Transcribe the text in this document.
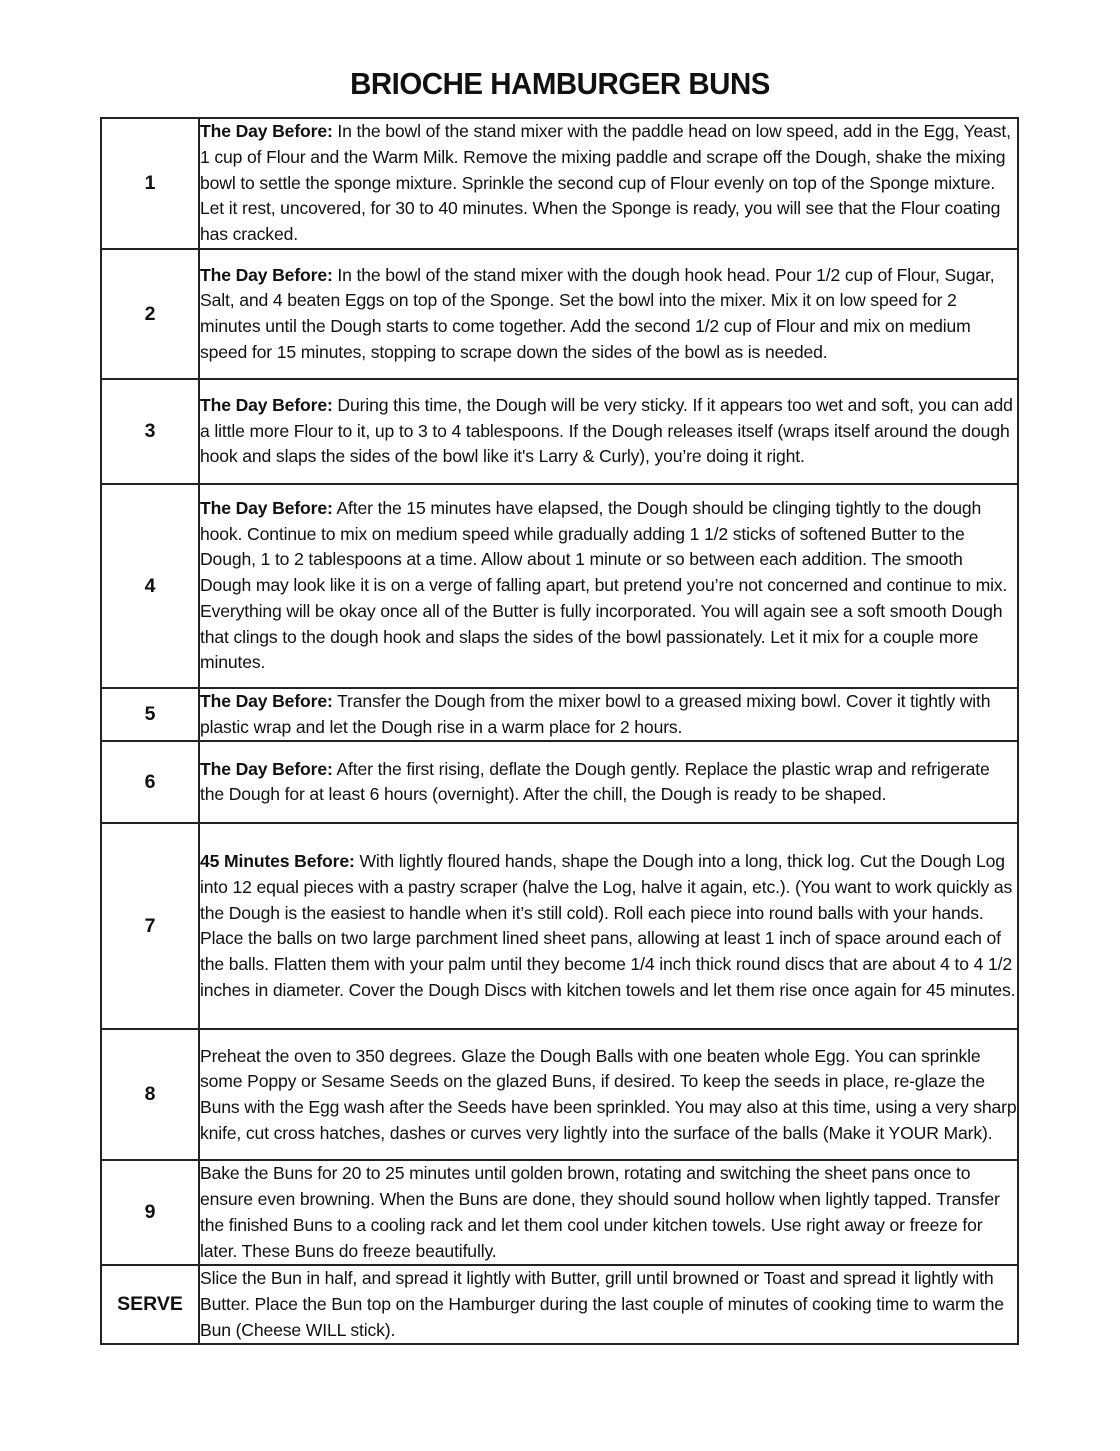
BRIOCHE HAMBURGER BUNS
1	The Day Before: In the bowl of the stand mixer with the paddle head on low speed, add in the Egg, Yeast, 1 cup of Flour and the Warm Milk. Remove the mixing paddle and scrape off the Dough, shake the mixing bowl to settle the sponge mixture. Sprinkle the second cup of Flour evenly on top of the Sponge mixture. Let it rest, uncovered, for 30 to 40 minutes. When the Sponge is ready, you will see that the Flour coating has cracked.
2	The Day Before: In the bowl of the stand mixer with the dough hook head. Pour 1/2 cup of Flour, Sugar, Salt, and 4 beaten Eggs on top of the Sponge. Set the bowl into the mixer. Mix it on low speed for 2 minutes until the Dough starts to come together. Add the second 1/2 cup of Flour and mix on medium speed for 15 minutes, stopping to scrape down the sides of the bowl as is needed.
3	The Day Before: During this time, the Dough will be very sticky. If it appears too wet and soft, you can add a little more Flour to it, up to 3 to 4 tablespoons. If the Dough releases itself (wraps itself around the dough hook and slaps the sides of the bowl like it's Larry & Curly), you’re doing it right.
4	The Day Before: After the 15 minutes have elapsed, the Dough should be clinging tightly to the dough hook. Continue to mix on medium speed while gradually adding 1 1/2 sticks of softened Butter to the Dough, 1 to 2 tablespoons at a time. Allow about 1 minute or so between each addition. The smooth Dough may look like it is on a verge of falling apart, but pretend you’re not concerned and continue to mix. Everything will be okay once all of the Butter is fully incorporated. You will again see a soft smooth Dough that clings to the dough hook and slaps the sides of the bowl passionately. Let it mix for a couple more minutes.
5	The Day Before: Transfer the Dough from the mixer bowl to a greased mixing bowl. Cover it tightly with plastic wrap and let the Dough rise in a warm place for 2 hours.
6	The Day Before: After the first rising, deflate the Dough gently. Replace the plastic wrap and refrigerate the Dough for at least 6 hours (overnight). After the chill, the Dough is ready to be shaped.
7	45 Minutes Before: With lightly floured hands, shape the Dough into a long, thick log. Cut the Dough Log into 12 equal pieces with a pastry scraper (halve the Log, halve it again, etc.). (You want to work quickly as the Dough is the easiest to handle when it’s still cold). Roll each piece into round balls with your hands. Place the balls on two large parchment lined sheet pans, allowing at least 1 inch of space around each of the balls. Flatten them with your palm until they become 1/4 inch thick round discs that are about 4 to 4 1/2 inches in diameter. Cover the Dough Discs with kitchen towels and let them rise once again for 45 minutes.
8	Preheat the oven to 350 degrees. Glaze the Dough Balls with one beaten whole Egg. You can sprinkle some Poppy or Sesame Seeds on the glazed Buns, if desired. To keep the seeds in place, re-glaze the Buns with the Egg wash after the Seeds have been sprinkled. You may also at this time, using a very sharp knife, cut cross hatches, dashes or curves very lightly into the surface of the balls (Make it YOUR Mark).
9	Bake the Buns for 20 to 25 minutes until golden brown, rotating and switching the sheet pans once to ensure even browning. When the Buns are done, they should sound hollow when lightly tapped. Transfer the finished Buns to a cooling rack and let them cool under kitchen towels. Use right away or freeze for later. These Buns do freeze beautifully.
SERVE	Slice the Bun in half, and spread it lightly with Butter, grill until browned or Toast and spread it lightly with Butter. Place the Bun top on the Hamburger during the last couple of minutes of cooking time to warm the Bun (Cheese WILL stick).
